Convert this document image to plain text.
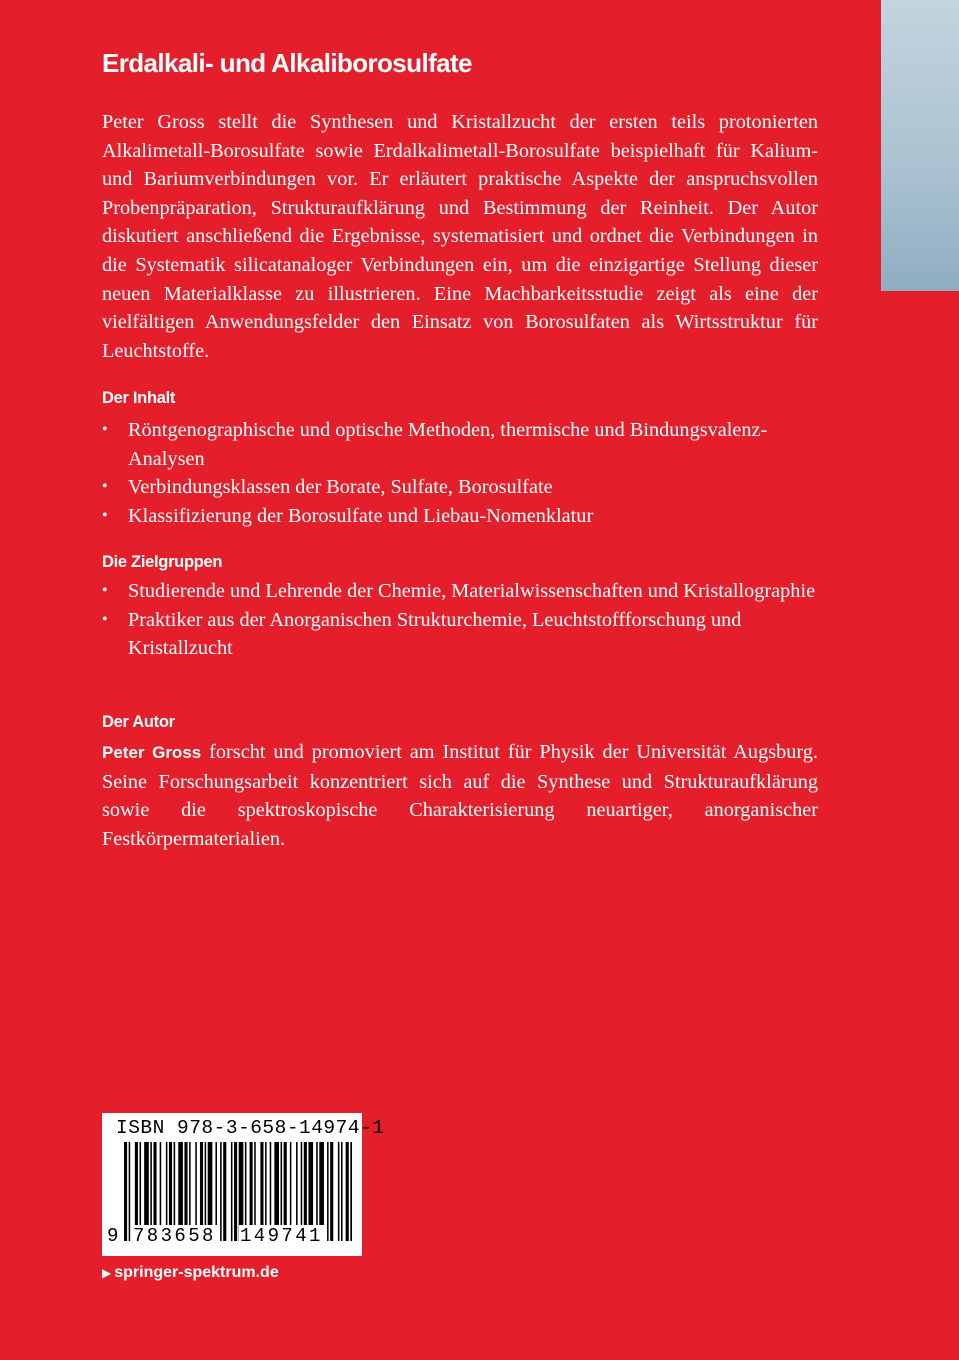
Erdalkali- und Alkaliborosulfate

Peter Gross stellt die Synthesen und Kristallzucht der ersten teils protonierten Alkalimetall-Borosulfate sowie Erdalkalimetall-Borosulfate beispielhaft für Kalium- und Bariumverbindungen vor. Er erläutert praktische Aspekte der anspruchsvollen Probenpräparation, Strukturaufklärung und Bestimmung der Reinheit. Der Autor diskutiert anschließend die Ergebnisse, systematisiert und ordnet die Verbindungen in die Systematik silicatanaloger Verbindungen ein, um die einzigartige Stellung dieser neuen Materialklasse zu illustrieren. Eine Machbarkeitsstudie zeigt als eine der vielfältigen Anwendungsfelder den Einsatz von Borosulfaten als Wirtsstruktur für Leuchtstoffe.

Der Inhalt
• Röntgenographische und optische Methoden, thermische und Bindungsvalenz-Analysen
• Verbindungsklassen der Borate, Sulfate, Borosulfate
• Klassifizierung der Borosulfate und Liebau-Nomenklatur
Die Zielgruppen
• Studierende und Lehrende der Chemie, Materialwissenschaften und Kristallographie
• Praktiker aus der Anorganischen Strukturchemie, Leuchtstoffforschung und Kristallzucht
Der Autor

Peter Gross forscht und promoviert am Institut für Physik der Universität Augsburg. Seine Forschungsarbeit konzentriert sich auf die Synthese und Strukturaufklärung sowie die spektroskopische Charakterisierung neuartiger, anorganischer Festkörpermaterialien.

ISBN 978-3-658-14974-1
9 783658 149741
▶ springer-spektrum.de
